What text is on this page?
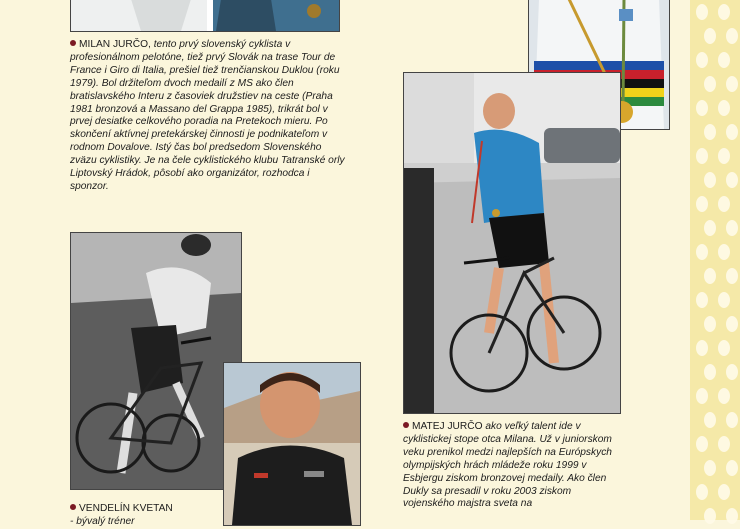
MILAN JURČO, tento prvý slovenský cyklista v profesionálnom pelotóne, tiež prvý Slovák na trase Tour de France i Giro di Italia, prešiel tiež trenčianskou Duklou (roku 1979). Bol držiteľom dvoch medailí z MS ako člen bratislavského Interu z časoviek družstiev na ceste (Praha 1981 bronzová a Massano del Grappa 1985), trikrát bol v prvej desiatke celkového poradia na Pretekoch mieru. Po skončení aktívnej pretekárskej činnosti je podnikateľom v rodnom Dovalove. Istý čas bol predsedom Slovenského zväzu cyklistiky. Je na čele cyklistického klubu Tatranské orly Liptovský Hrádok, pôsobí ako organizátor, rozhodca i sponzor.

VENDELÍN KVETAN
- bývalý tréner

MATEJ JURČO ako veľký talent ide v cyklistickej stope otca Milana. Už v juniorskom veku prenikol medzi najlepších na Európskych olympijských hrách mládeže roku 1999 v Esbjergu ziskom bronzovej medaily. Ako člen Dukly sa presadil v roku 2003 ziskom vojenského majstra sveta na
